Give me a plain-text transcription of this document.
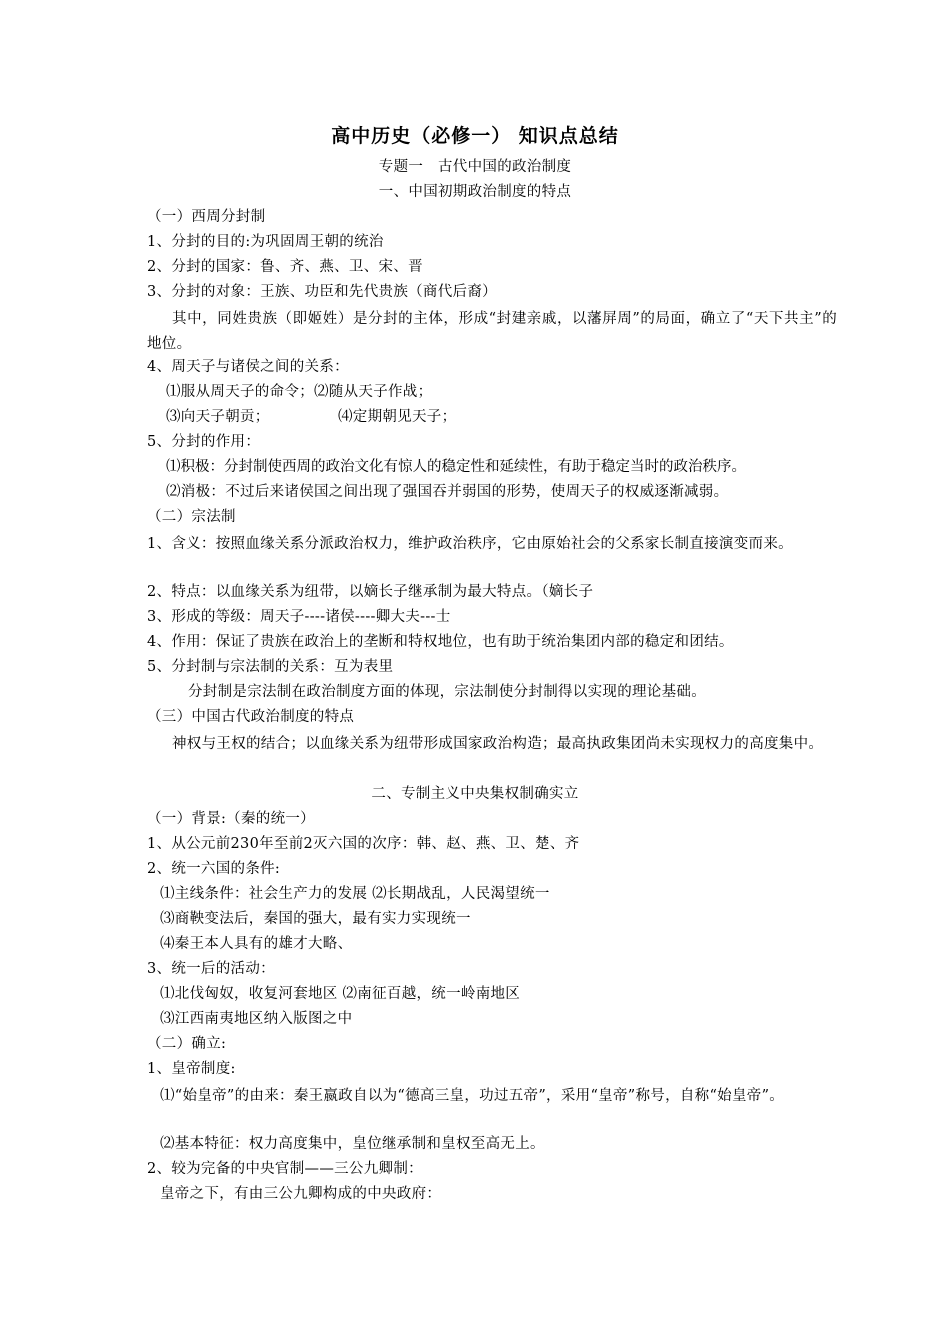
高中历史（必修一） 知识点总结
专题一　古代中国的政治制度
一、中国初期政治制度的特点

（一）西周分封制

1、分封的目的:为巩固周王朝的统治

2、分封的国家：鲁、齐、燕、卫、宋、晋

3、分封的对象：王族、功臣和先代贵族（商代后裔）

其中，同姓贵族（即姬姓）是分封的主体，形成“封建亲戚，以藩屏周”的局面，确立了“天下共主”的地位。

4、周天子与诸侯之间的关系：

⑴服从周天子的命令；⑵随从天子作战；

⑶向天子朝贡；	⑷定期朝见天子；

5、分封的作用：

⑴积极：分封制使西周的政治文化有惊人的稳定性和延续性，有助于稳定当时的政治秩序。

⑵消极：不过后来诸侯国之间出现了强国吞并弱国的形势，使周天子的权威逐渐减弱。

（二）宗法制

1、含义：按照血缘关系分派政治权力，维护政治秩序，它由原始社会的父系家长制直接演变而来。

2、特点：以血缘关系为纽带，以嫡长子继承制为最大特点。（嫡长子

3、形成的等级：周天子----诸侯----卿大夫---士

4、作用：保证了贵族在政治上的垄断和特权地位，也有助于统治集团内部的稳定和团结。

5、分封制与宗法制的关系：互为表里

分封制是宗法制在政治制度方面的体现，宗法制使分封制得以实现的理论基础。

（三）中国古代政治制度的特点

神权与王权的结合；以血缘关系为纽带形成国家政治构造；最高执政集团尚未实现权力的高度集中。

二、专制主义中央集权制确实立

（一）背景:（秦的统一）

1、从公元前230年至前2灭六国的次序：韩、赵、燕、卫、楚、齐

2、统一六国的条件:

⑴主线条件：社会生产力的发展 ⑵长期战乱，人民渴望统一

⑶商鞅变法后，秦国的强大，最有实力实现统一

⑷秦王本人具有的雄才大略、

3、统一后的活动：

⑴北伐匈奴，收复河套地区 ⑵南征百越，统一岭南地区

⑶江西南夷地区纳入版图之中

（二）确立:

1、皇帝制度:

⑴“始皇帝”的由来：秦王嬴政自以为“德高三皇，功过五帝”，采用“皇帝”称号，自称“始皇帝”。

⑵基本特征：权力高度集中，皇位继承制和皇权至高无上。

2、较为完备的中央官制——三公九卿制：

皇帝之下，有由三公九卿构成的中央政府：
